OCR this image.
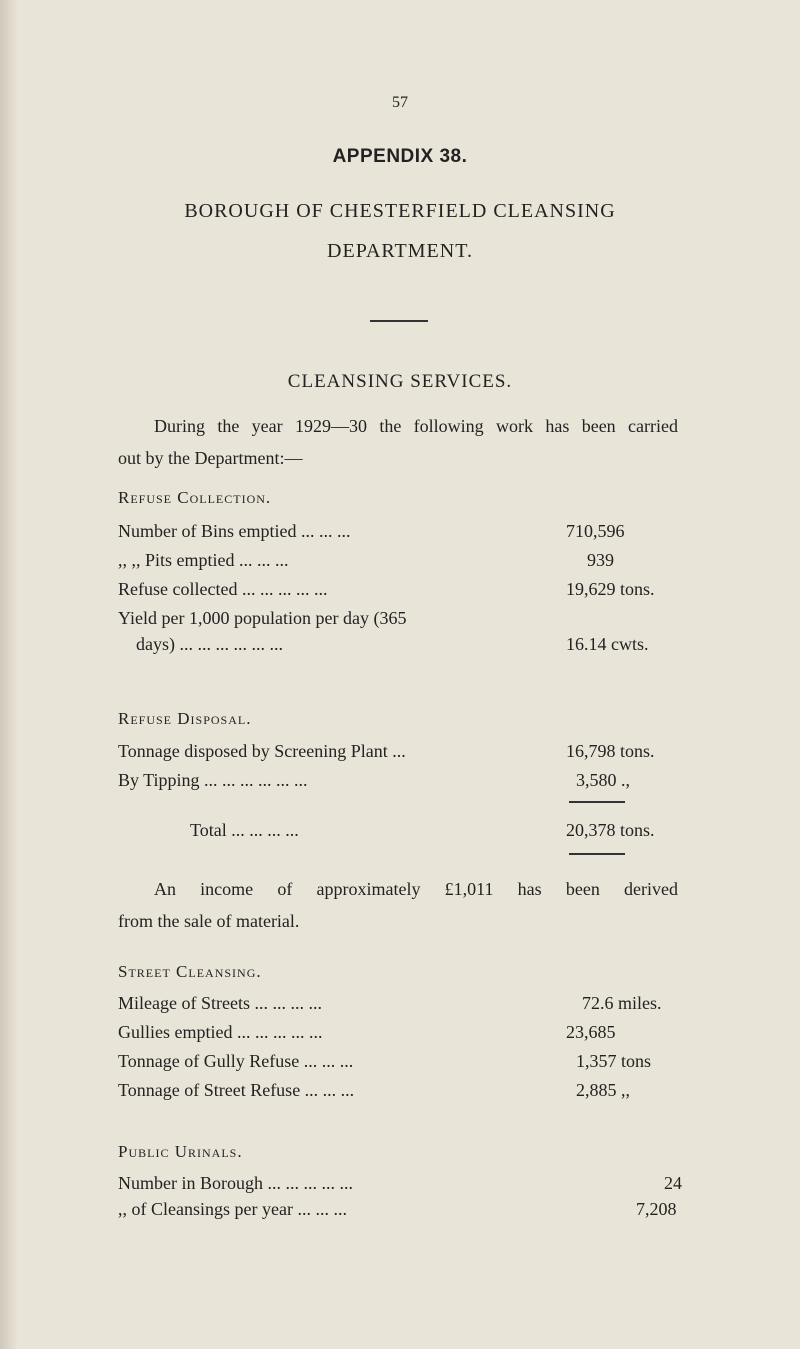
57
APPENDIX 38.
BOROUGH OF CHESTERFIELD CLEANSING
DEPARTMENT.
CLEANSING SERVICES.
During the year 1929—30 the following work has been carried
out by the Department:—
Refuse Collection.
Number of Bins emptied ... ... ...	710,596
,, ,, Pits emptied ... ... ...	939
Refuse collected ... ... ... ... ...	19,629 tons.
Yield per 1,000 population per day (365
days) ... ... ... ... ... ...	16.14 cwts.
Refuse Disposal.
Tonnage disposed by Screening Plant ...	16,798 tons.
By Tipping ... ... ... ... ... ...	3,580 .,
Total ... ... ... ...	20,378 tons.
An income of approximately £1,011 has been derived
from the sale of material.
Street Cleansing.
Mileage of Streets ... ... ... ...	72.6 miles.
Gullies emptied ... ... ... ... ...	23,685
Tonnage of Gully Refuse ... ... ...	1,357 tons
Tonnage of Street Refuse ... ... ...	2,885 ,,
Public Urinals.
Number in Borough ... ... ... ... ...	24
,, of Cleansings per year ... ... ...	7,208
